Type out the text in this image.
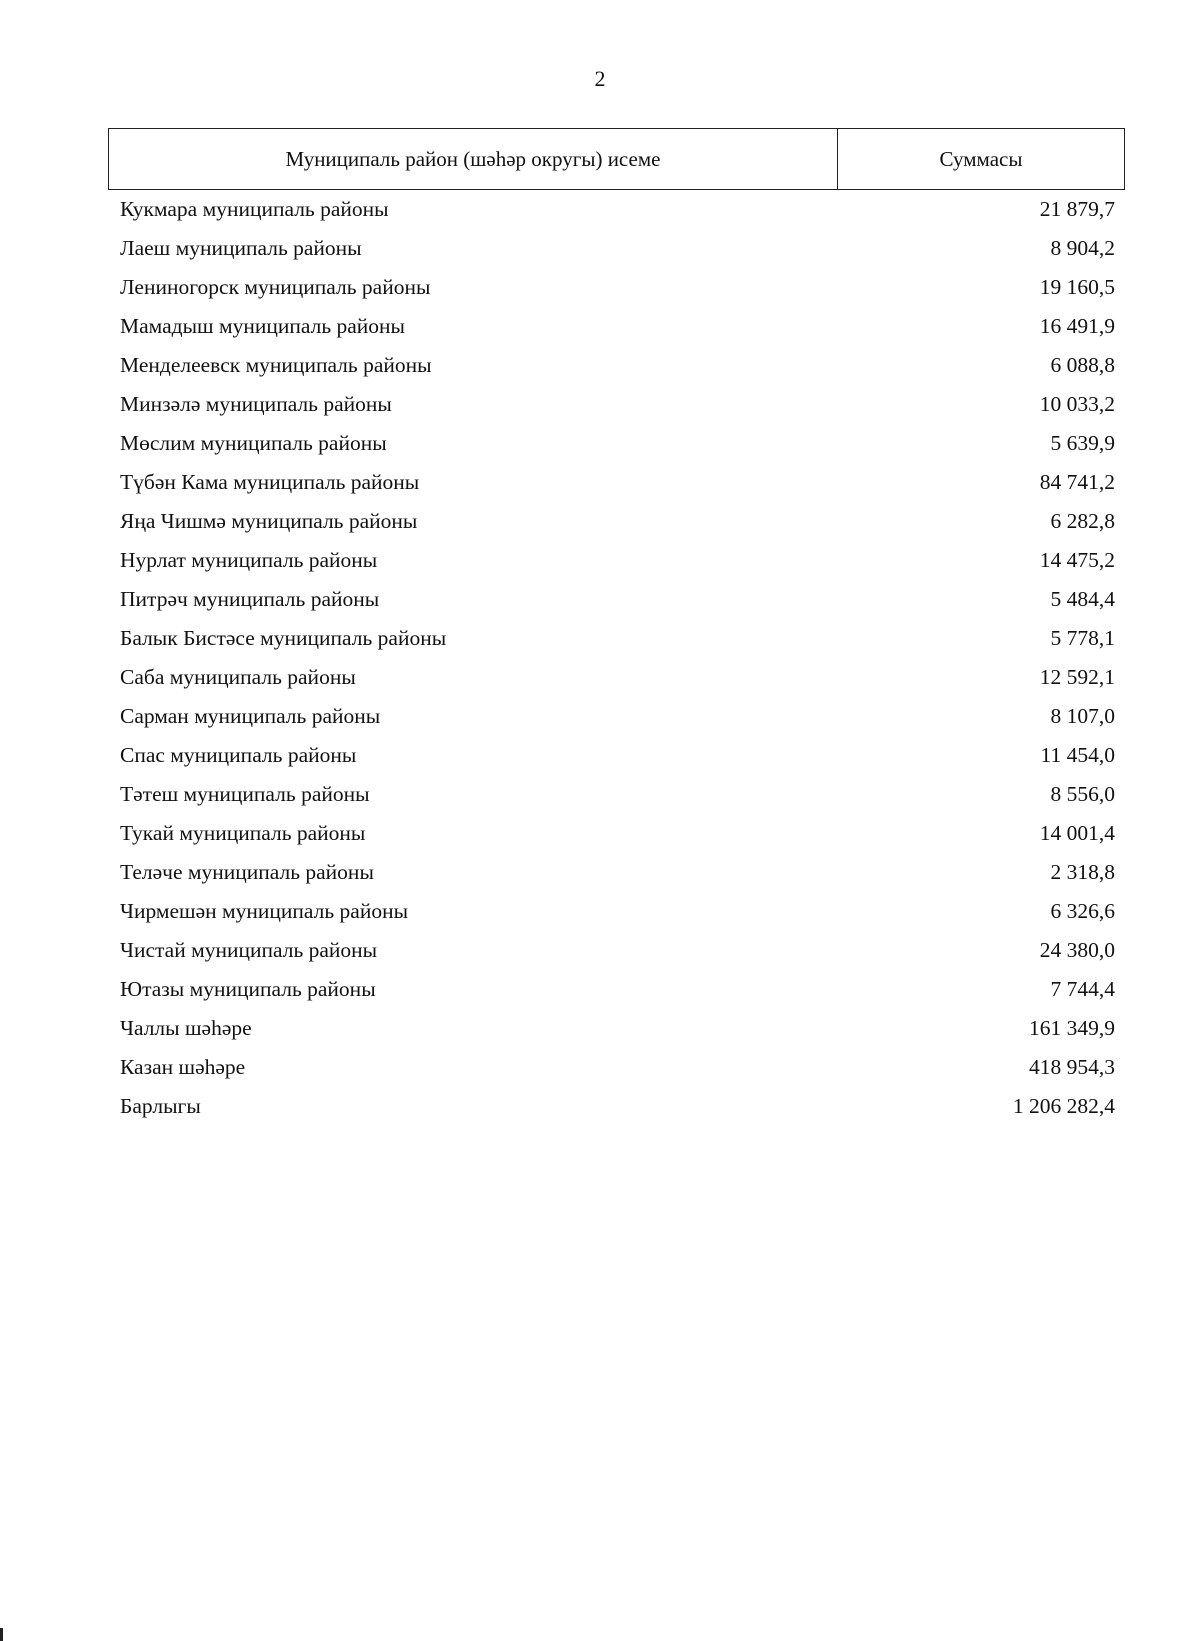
2
Муниципаль район (шәһәр округы) исеме	Суммасы
Кукмара муниципаль районы	21 879,7
Лаеш муниципаль районы	8 904,2
Лениногорск муниципаль районы	19 160,5
Мамадыш муниципаль районы	16 491,9
Менделеевск муниципаль районы	6 088,8
Минзәлә муниципаль районы	10 033,2
Мөслим муниципаль районы	5 639,9
Түбән Кама муниципаль районы	84 741,2
Яңа Чишмә муниципаль районы	6 282,8
Нурлат муниципаль районы	14 475,2
Питрәч муниципаль районы	5 484,4
Балык Бистәсе муниципаль районы	5 778,1
Саба муниципаль районы	12 592,1
Сарман муниципаль районы	8 107,0
Спас муниципаль районы	11 454,0
Тәтеш муниципаль районы	8 556,0
Тукай муниципаль районы	14 001,4
Теләче муниципаль районы	2 318,8
Чирмешән муниципаль районы	6 326,6
Чистай муниципаль районы	24 380,0
Ютазы муниципаль районы	7 744,4
Чаллы шәһәре	161 349,9
Казан шәһәре	418 954,3
Барлыгы	1 206 282,4
